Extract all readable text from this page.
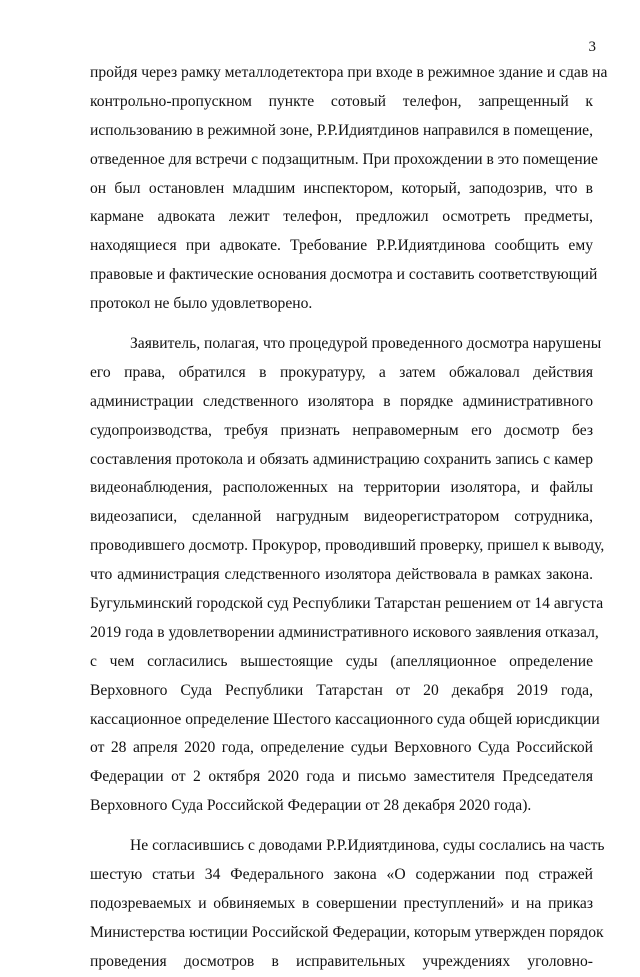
3
пройдя через рамку металлодетектора при входе в режимное здание и сдав на
контрольно-пропускном пункте сотовый телефон, запрещенный к
использованию в режимной зоне, Р.Р.Идиятдинов направился в помещение,
отведенное для встречи с подзащитным. При прохождении в это помещение
он был остановлен младшим инспектором, который, заподозрив, что в
кармане адвоката лежит телефон, предложил осмотреть предметы,
находящиеся при адвокате. Требование Р.Р.Идиятдинова сообщить ему
правовые и фактические основания досмотра и составить соответствующий
протокол не было удовлетворено.
Заявитель, полагая, что процедурой проведенного досмотра нарушены
его права, обратился в прокуратуру, а затем обжаловал действия
администрации следственного изолятора в порядке административного
судопроизводства, требуя признать неправомерным его досмотр без
составления протокола и обязать администрацию сохранить запись с камер
видеонаблюдения, расположенных на территории изолятора, и файлы
видеозаписи, сделанной нагрудным видеорегистратором сотрудника,
проводившего досмотр. Прокурор, проводивший проверку, пришел к выводу,
что администрация следственного изолятора действовала в рамках закона.
Бугульминский городской суд Республики Татарстан решением от 14 августа
2019 года в удовлетворении административного искового заявления отказал,
с чем согласились вышестоящие суды (апелляционное определение
Верховного Суда Республики Татарстан от 20 декабря 2019 года,
кассационное определение Шестого кассационного суда общей юрисдикции
от 28 апреля 2020 года, определение судьи Верховного Суда Российской
Федерации от 2 октября 2020 года и письмо заместителя Председателя
Верховного Суда Российской Федерации от 28 декабря 2020 года).
Не согласившись с доводами Р.Р.Идиятдинова, суды сослались на часть
шестую статьи 34 Федерального закона «О содержании под стражей
подозреваемых и обвиняемых в совершении преступлений» и на приказ
Министерства юстиции Российской Федерации, которым утвержден порядок
проведения досмотров в исправительных учреждениях уголовно-
